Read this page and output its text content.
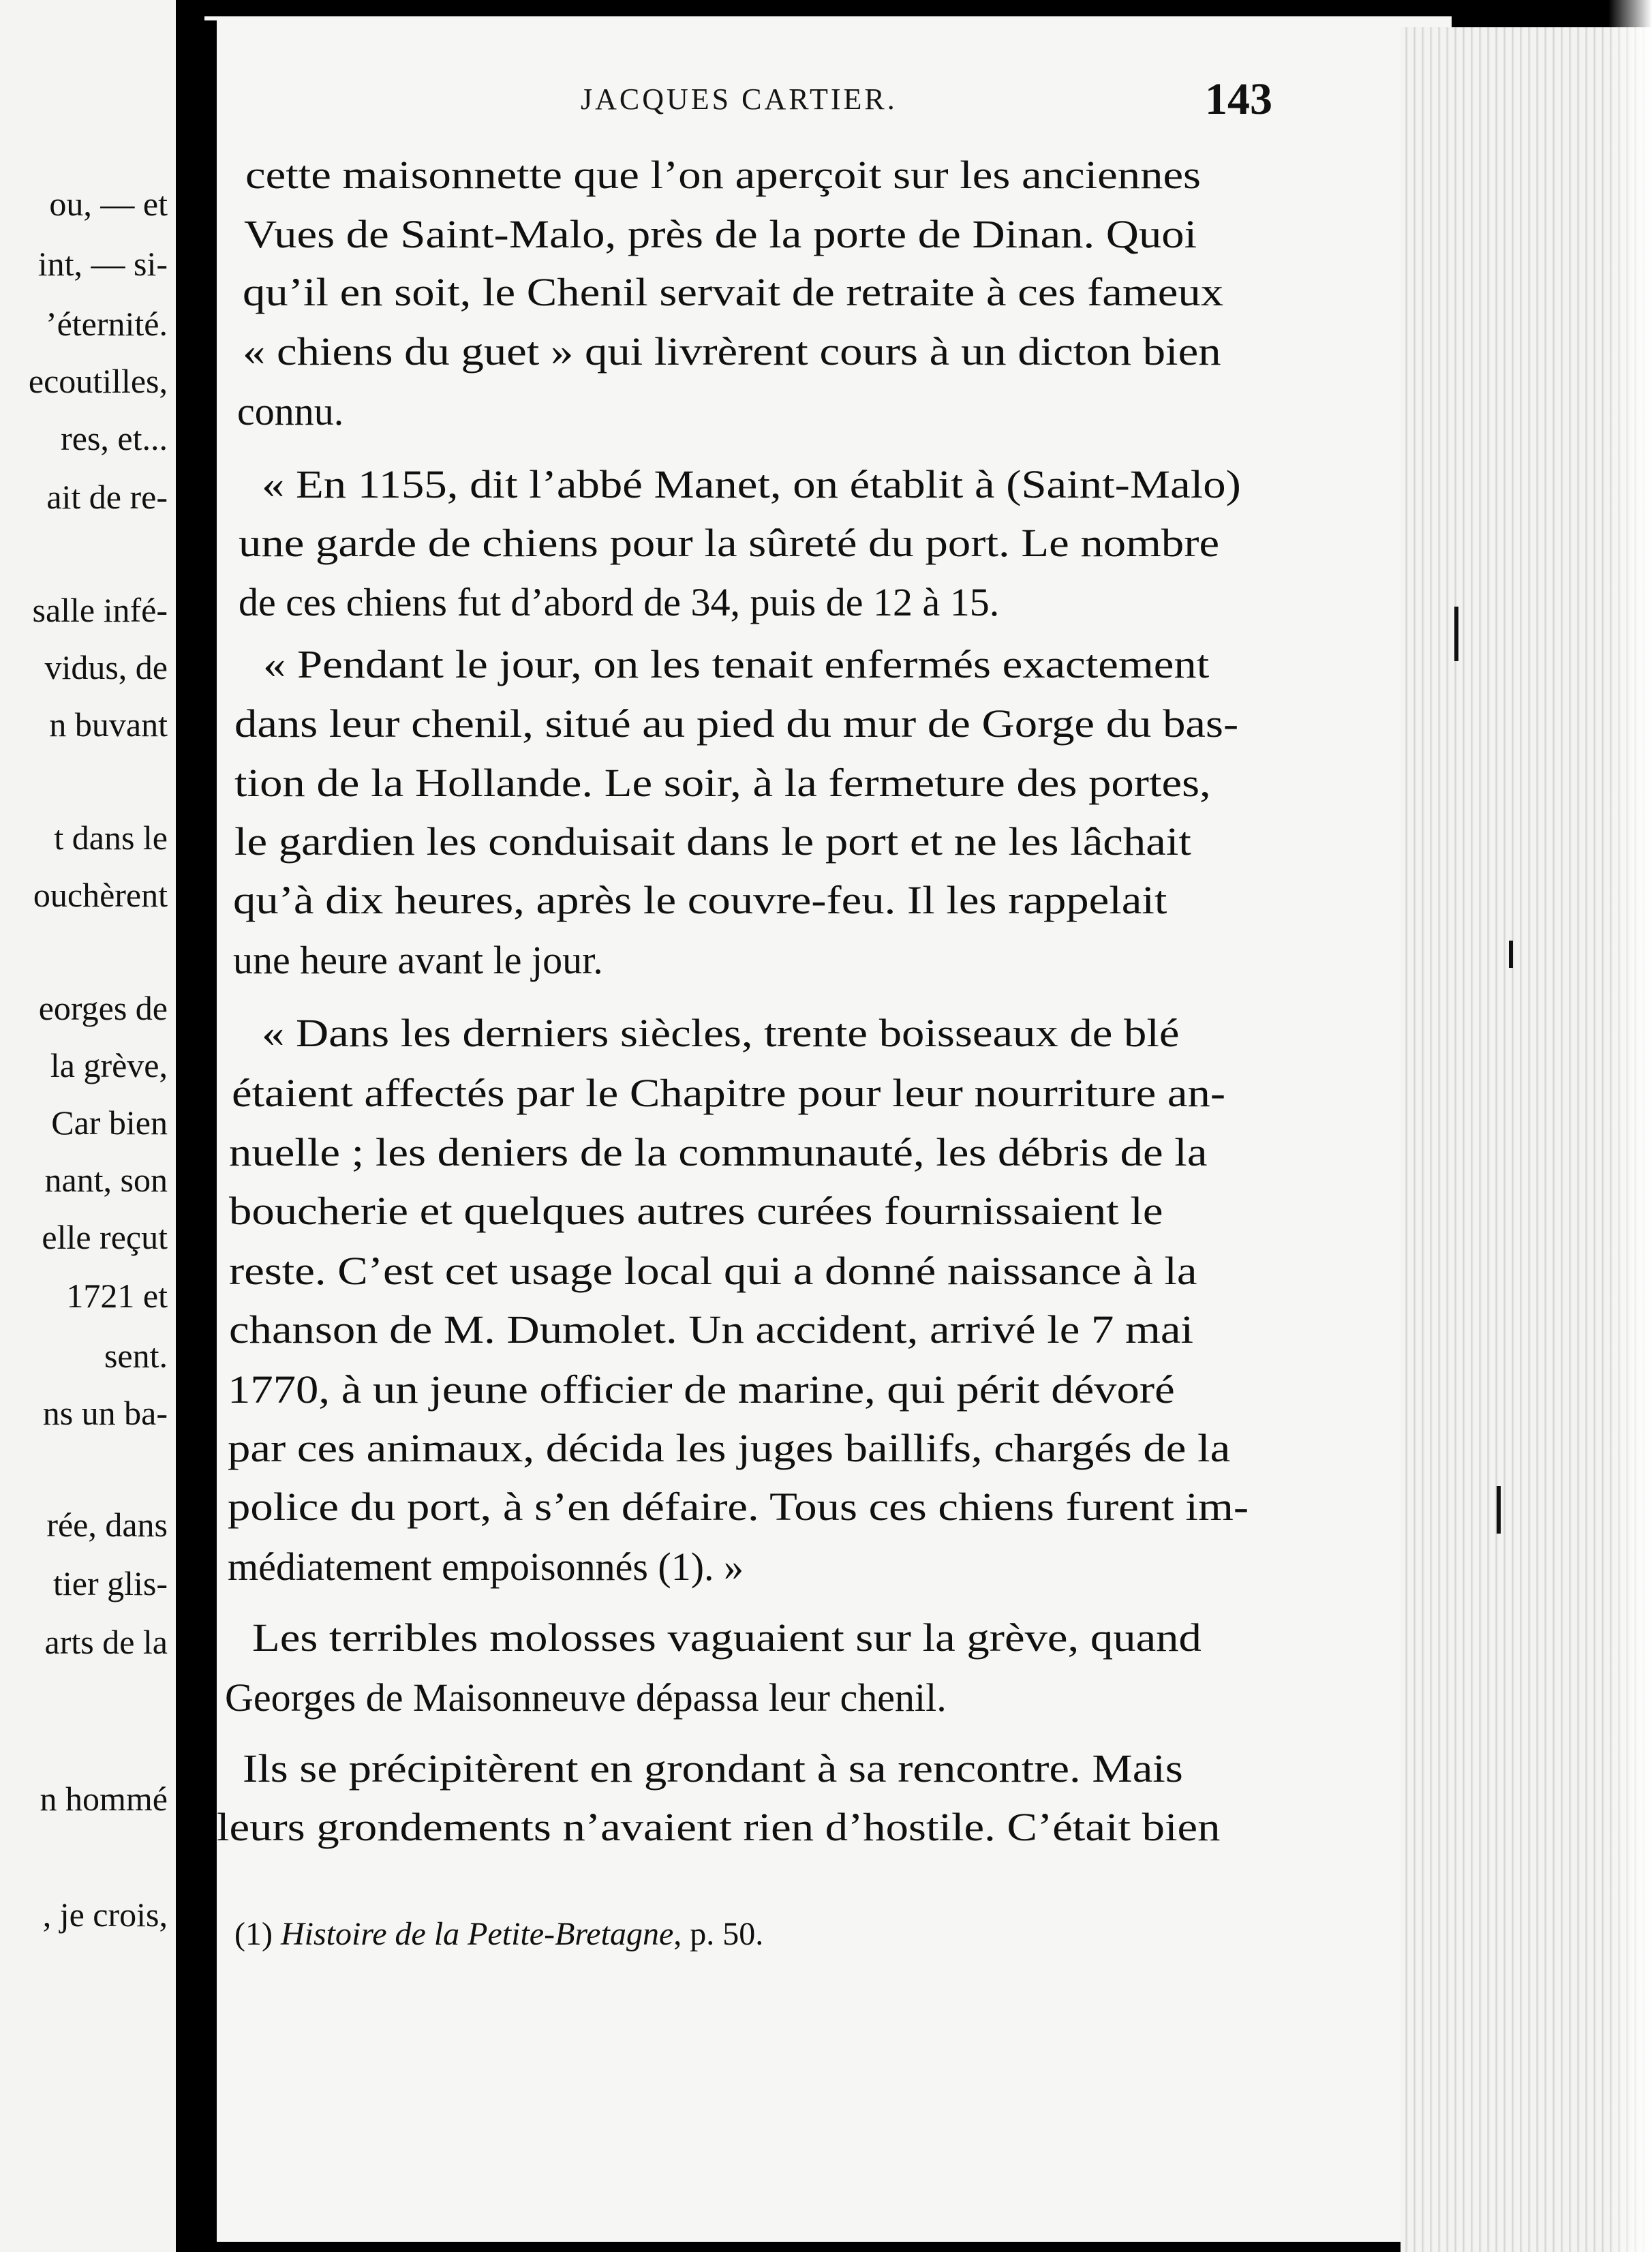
ou, — et
int, — si-
’éternité.
ecoutilles,
res, et...
ait de re-
salle infé-
vidus, de
n buvant
t dans le
ouchèrent
eorges de
la grève,
Car bien
nant, son
elle reçut
1721 et
sent.
ns un ba-
rée, dans
tier glis-
arts de la
n hommé
, je crois,
JACQUES CARTIER.	143
cette maisonnette que l’on aperçoit sur les anciennes
Vues de Saint-Malo, près de la porte de Dinan. Quoi
qu’il en soit, le Chenil servait de retraite à ces fameux
« chiens du guet » qui livrèrent cours à un dicton bien
connu.
« En 1155, dit l’abbé Manet, on établit à (Saint-Malo)
une garde de chiens pour la sûreté du port. Le nombre
de ces chiens fut d’abord de 34, puis de 12 à 15.
« Pendant le jour, on les tenait enfermés exactement
dans leur chenil, situé au pied du mur de Gorge du bas-
tion de la Hollande. Le soir, à la fermeture des portes,
le gardien les conduisait dans le port et ne les lâchait
qu’à dix heures, après le couvre-feu. Il les rappelait
une heure avant le jour.
« Dans les derniers siècles, trente boisseaux de blé
étaient affectés par le Chapitre pour leur nourriture an-
nuelle ; les deniers de la communauté, les débris de la
boucherie et quelques autres curées fournissaient le
reste. C’est cet usage local qui a donné naissance à la
chanson de M. Dumolet. Un accident, arrivé le 7 mai
1770, à un jeune officier de marine, qui périt dévoré
par ces animaux, décida les juges baillifs, chargés de la
police du port, à s’en défaire. Tous ces chiens furent im-
médiatement empoisonnés (1). »
Les terribles molosses vaguaient sur la grève, quand
Georges de Maisonneuve dépassa leur chenil.
Ils se précipitèrent en grondant à sa rencontre. Mais
leurs grondements n’avaient rien d’hostile. C’était bien
(1) Histoire de la Petite-Bretagne, p. 50.
